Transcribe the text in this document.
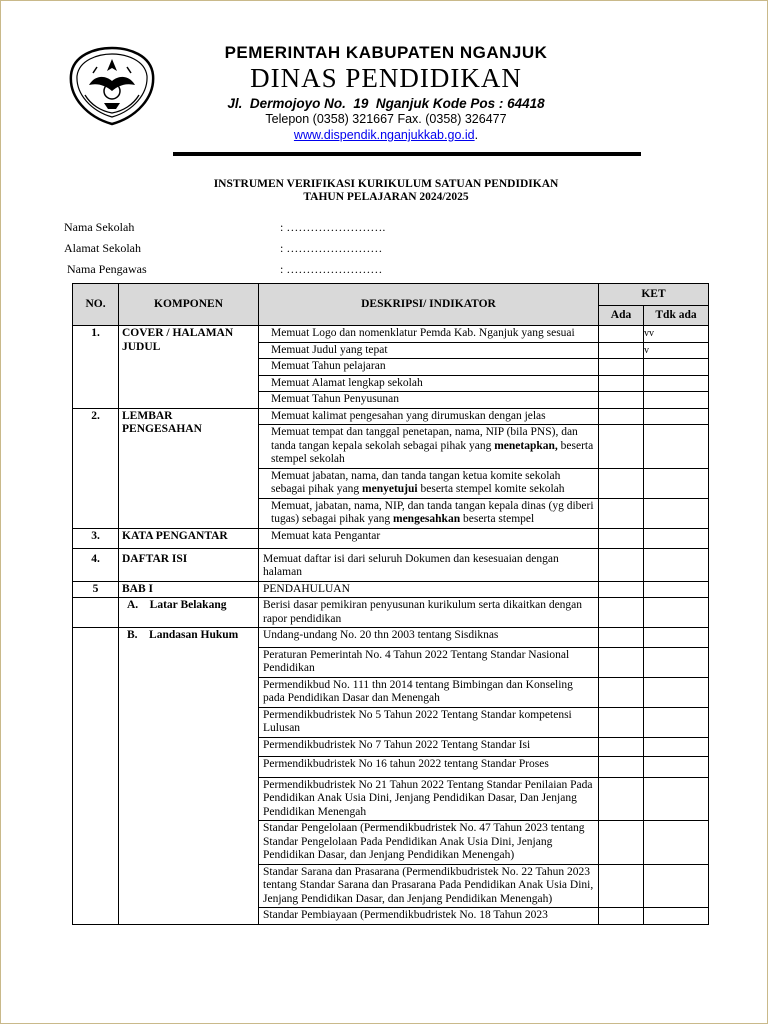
PEMERINTAH KABUPATEN NGANJUK
DINAS PENDIDIKAN
Jl.  Dermojoyo No.  19  Nganjuk Kode Pos : 64418
Telepon (0358) 321667 Fax. (0358) 326477
www.dispendik.nganjukkab.go.id.
INSTRUMEN VERIFIKASI KURIKULUM SATUAN PENDIDIKAN
TAHUN PELAJARAN 2024/2025
Nama Sekolah	: …………………….
Alamat Sekolah	: ……………………
Nama Pengawas	: ……………………
NO.	KOMPONEN	DESKRIPSI/ INDIKATOR	KET	
			Ada	Tdk ada
1.	COVER / HALAMAN JUDUL	Memuat Logo dan nomenklatur Pemda Kab. Nganjuk yang sesuai		vv
		Memuat Judul yang tepat		v
		Memuat Tahun pelajaran		
		Memuat Alamat lengkap sekolah		
		Memuat Tahun Penyusunan		
2.	LEMBAR PENGESAHAN	Memuat kalimat pengesahan yang dirumuskan dengan jelas		
		Memuat tempat dan tanggal penetapan, nama, NIP (bila PNS), dan tanda tangan kepala sekolah sebagai pihak yang menetapkan, beserta stempel sekolah		
		Memuat jabatan, nama, dan tanda tangan ketua komite sekolah sebagai pihak yang menyetujui beserta stempel komite sekolah		
		Memuat, jabatan, nama, NIP, dan tanda tangan kepala dinas (yg diberi tugas) sebagai pihak yang mengesahkan beserta stempel		
3.	KATA PENGANTAR	Memuat kata Pengantar		
4.	DAFTAR ISI	Memuat daftar isi dari seluruh Dokumen dan kesesuaian dengan halaman		
5	BAB I	PENDAHULUAN		
	A.    Latar Belakang	Berisi dasar pemikiran penyusunan kurikulum serta dikaitkan dengan rapor pendidikan		
	B.    Landasan Hukum	Undang-undang No. 20 thn 2003 tentang Sisdiknas		
		Peraturan Pemerintah No. 4 Tahun 2022 Tentang Standar Nasional Pendidikan		
		Permendikbud No. 111 thn 2014 tentang Bimbingan dan Konseling pada Pendidikan Dasar dan Menengah		
		Permendikbudristek No 5 Tahun 2022 Tentang Standar kompetensi Lulusan		
		Permendikbudristek No 7 Tahun 2022 Tentang Standar Isi		
		Permendikbudristek No 16 tahun 2022 tentang Standar Proses		
		Permendikbudristek No 21 Tahun 2022 Tentang Standar Penilaian Pada Pendidikan Anak Usia Dini, Jenjang Pendidikan Dasar, Dan Jenjang Pendidikan Menengah		
		Standar Pengelolaan (Permendikbudristek No. 47 Tahun 2023 tentang Standar Pengelolaan Pada Pendidikan Anak Usia Dini, Jenjang Pendidikan Dasar, dan Jenjang Pendidikan Menengah)		
		Standar Sarana dan Prasarana (Permendikbudristek No. 22 Tahun 2023 tentang Standar Sarana dan Prasarana Pada Pendidikan Anak Usia Dini, Jenjang Pendidikan Dasar, dan Jenjang Pendidikan Menengah)		
		Standar Pembiayaan (Permendikbudristek No. 18 Tahun 2023		
